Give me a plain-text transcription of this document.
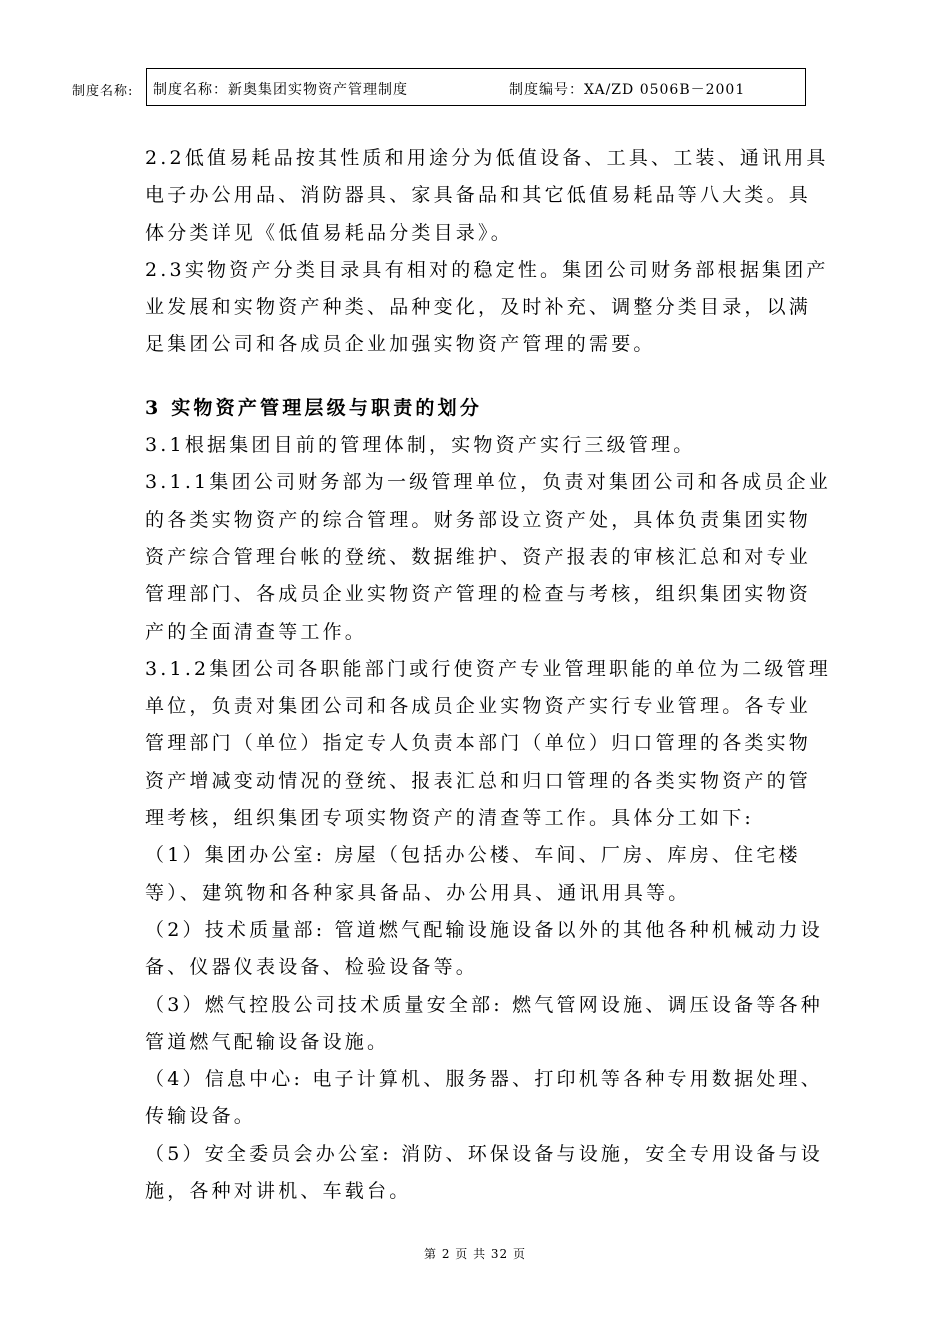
制度名称: 制度名称：新奥集团实物资产管理制度	制度编号：XA/ZD 0506B－2001

2.2低值易耗品按其性质和用途分为低值设备、工具、工装、通讯用具

电子办公用品、消防器具、家具备品和其它低值易耗品等八大类。具

体分类详见《低值易耗品分类目录》。

2.3实物资产分类目录具有相对的稳定性。集团公司财务部根据集团产

业发展和实物资产种类、品种变化，及时补充、调整分类目录，以满

足集团公司和各成员企业加强实物资产管理的需要。

3 实物资产管理层级与职责的划分

3.1根据集团目前的管理体制，实物资产实行三级管理。

3.1.1集团公司财务部为一级管理单位，负责对集团公司和各成员企业

的各类实物资产的综合管理。财务部设立资产处，具体负责集团实物

资产综合管理台帐的登统、数据维护、资产报表的审核汇总和对专业

管理部门、各成员企业实物资产管理的检查与考核，组织集团实物资

产的全面清查等工作。

3.1.2集团公司各职能部门或行使资产专业管理职能的单位为二级管理

单位，负责对集团公司和各成员企业实物资产实行专业管理。各专业

管理部门（单位）指定专人负责本部门（单位）归口管理的各类实物

资产增减变动情况的登统、报表汇总和归口管理的各类实物资产的管

理考核，组织集团专项实物资产的清查等工作。具体分工如下:

（1）集团办公室: 房屋（包括办公楼、车间、厂房、库房、住宅楼

等）、建筑物和各种家具备品、办公用具、通讯用具等。

（2）技术质量部: 管道燃气配输设施设备以外的其他各种机械动力设

备、仪器仪表设备、检验设备等。

（3）燃气控股公司技术质量安全部: 燃气管网设施、调压设备等各种

管道燃气配输设备设施。

（4）信息中心: 电子计算机、服务器、打印机等各种专用数据处理、

传输设备。

（5）安全委员会办公室: 消防、环保设备与设施，安全专用设备与设

施，各种对讲机、车载台。

第 2 页 共 32 页
